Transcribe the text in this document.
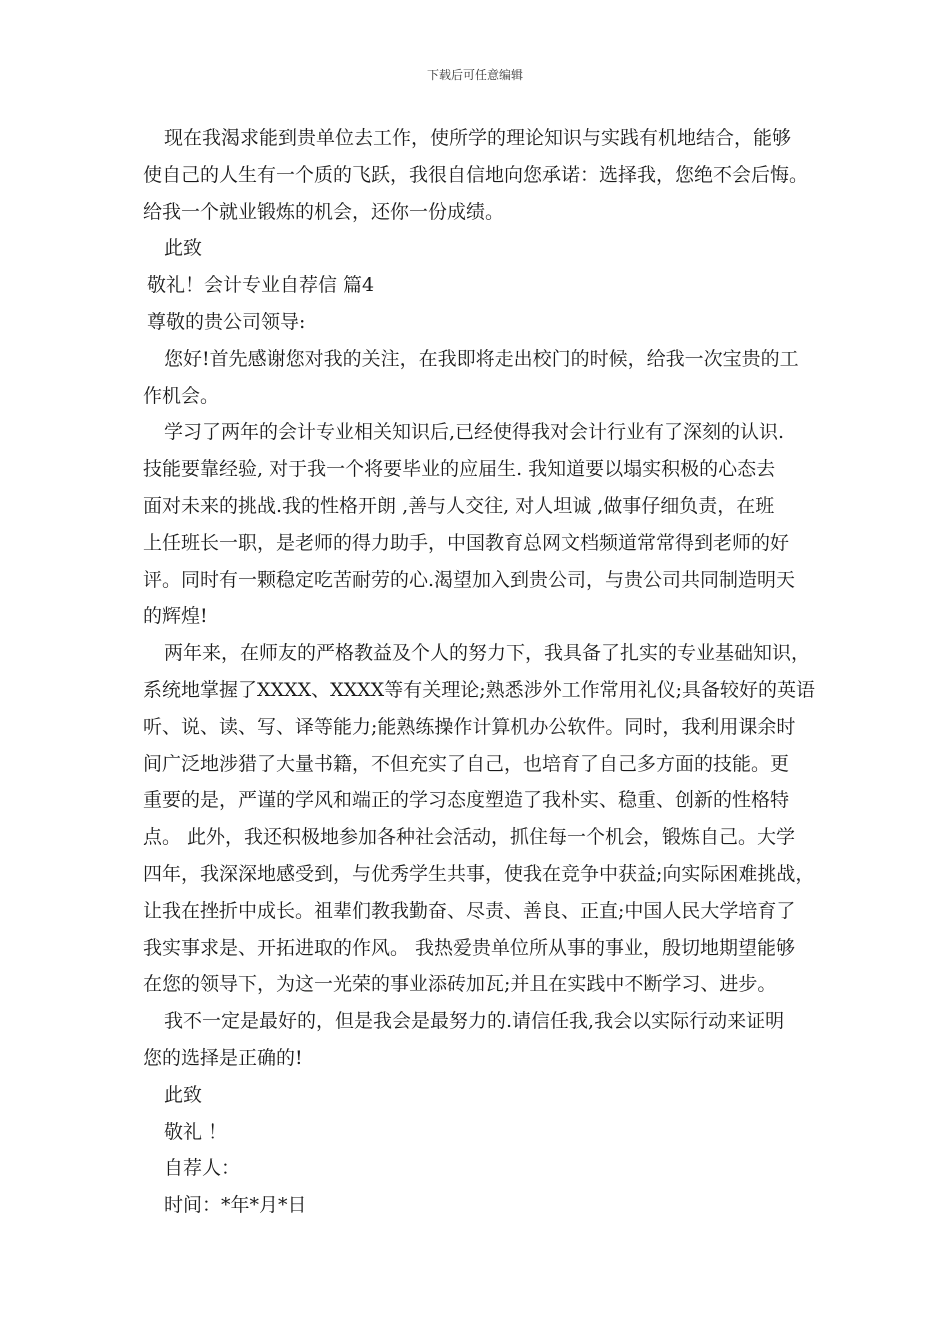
下载后可任意编辑
现在我渴求能到贵单位去工作，使所学的理论知识与实践有机地结合，能够
使自己的人生有一个质的飞跃，我很自信地向您承诺：选择我，您绝不会后悔。
给我一个就业锻炼的机会，还你一份成绩。
此致
敬礼！会计专业自荐信 篇4
尊敬的贵公司领导:
您好!首先感谢您对我的关注，在我即将走出校门的时候，给我一次宝贵的工
作机会。
学习了两年的会计专业相关知识后,已经使得我对会计行业有了深刻的认识.
技能要靠经验, 对于我一个将要毕业的应届生. 我知道要以塌实积极的心态去
面对未来的挑战.我的性格开朗 ,善与人交往, 对人坦诚 ,做事仔细负责，在班
上任班长一职，是老师的得力助手，中国教育总网文档频道常常得到老师的好
评。同时有一颗稳定吃苦耐劳的心.渴望加入到贵公司，与贵公司共同制造明天
的辉煌!
两年来，在师友的严格教益及个人的努力下，我具备了扎实的专业基础知识，
系统地掌握了XXXX、XXXX等有关理论;熟悉涉外工作常用礼仪;具备较好的英语
听、说、读、写、译等能力;能熟练操作计算机办公软件。同时，我利用课余时
间广泛地涉猎了大量书籍，不但充实了自己，也培育了自己多方面的技能。更
重要的是，严谨的学风和端正的学习态度塑造了我朴实、稳重、创新的性格特
点。 此外，我还积极地参加各种社会活动，抓住每一个机会，锻炼自己。大学
四年，我深深地感受到，与优秀学生共事，使我在竞争中获益;向实际困难挑战，
让我在挫折中成长。祖辈们教我勤奋、尽责、善良、正直;中国人民大学培育了
我实事求是、开拓进取的作风。 我热爱贵单位所从事的事业，殷切地期望能够
在您的领导下，为这一光荣的事业添砖加瓦;并且在实践中不断学习、进步。
我不一定是最好的，但是我会是最努力的.请信任我,我会以实际行动来证明
您的选择是正确的!
此致
敬礼 ！
自荐人：
时间：*年*月*日
